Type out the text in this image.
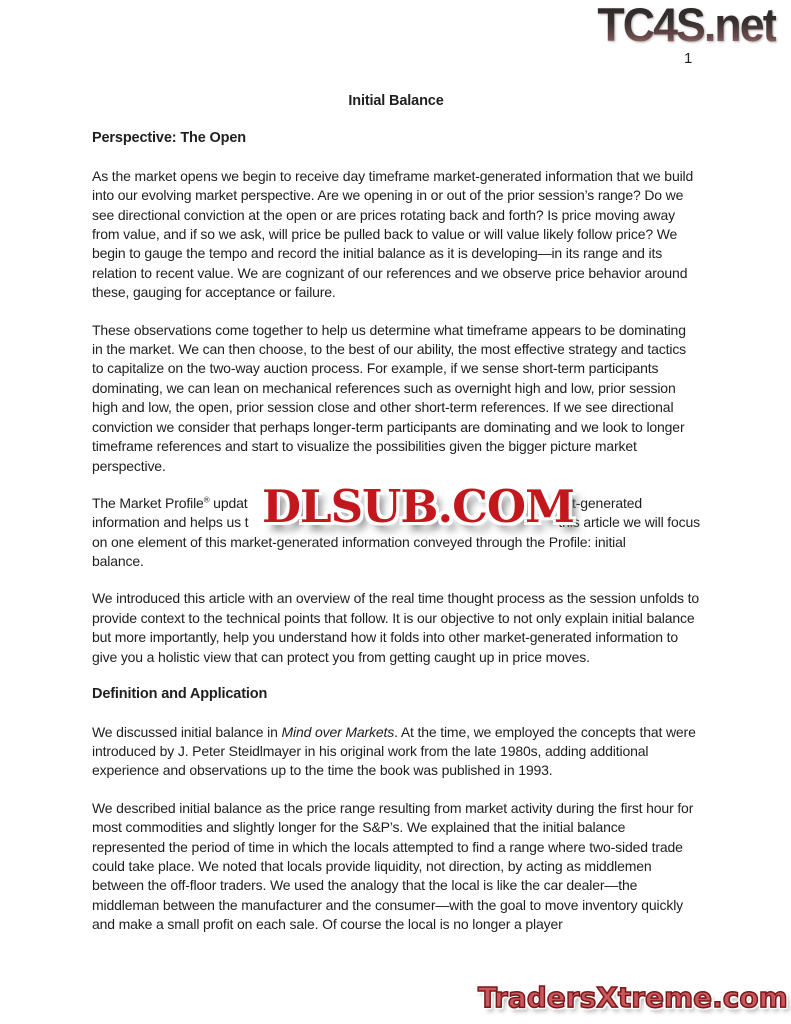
TC4S.net
1
Initial Balance
Perspective: The Open

As the market opens we begin to receive day timeframe market-generated information that we build into our evolving market perspective. Are we opening in or out of the prior session’s range? Do we see directional conviction at the open or are prices rotating back and forth? Is price moving away from value, and if so we ask, will price be pulled back to value or will value likely follow price? We begin to gauge the tempo and record the initial balance as it is developing—in its range and its relation to recent value. We are cognizant of our references and we observe price behavior around these, gauging for acceptance or failure.

These observations come together to help us determine what timeframe appears to be dominating in the market. We can then choose, to the best of our ability, the most effective strategy and tactics to capitalize on the two-way auction process. For example, if we sense short-term participants dominating, we can lean on mechanical references such as overnight high and low, prior session high and low, the open, prior session close and other short-term references. If we see directional conviction we consider that perhaps longer-term participants are dominating and we look to longer timeframe references and start to visualize the possibilities given the bigger picture market perspective.

The Market Profile® updat	rket-generated
information and helps us t	this article we will focus
on one element of this market-generated information conveyed through the Profile: initial
balance.
DLSUB.COM

We introduced this article with an overview of the real time thought process as the session unfolds to provide context to the technical points that follow. It is our objective to not only explain initial balance but more importantly, help you understand how it folds into other market-generated information to give you a holistic view that can protect you from getting caught up in price moves.

Definition and Application

We discussed initial balance in Mind over Markets. At the time, we employed the concepts that were introduced by J. Peter Steidlmayer in his original work from the late 1980s, adding additional experience and observations up to the time the book was published in 1993.

We described initial balance as the price range resulting from market activity during the first hour for most commodities and slightly longer for the S&P’s. We explained that the initial balance represented the period of time in which the locals attempted to find a range where two-sided trade could take place. We noted that locals provide liquidity, not direction, by acting as middlemen between the off-floor traders. We used the analogy that the local is like the car dealer—the middleman between the manufacturer and the consumer—with the goal to move inventory quickly and make a small profit on each sale. Of course the local is no longer a player

TradersXtreme.com
